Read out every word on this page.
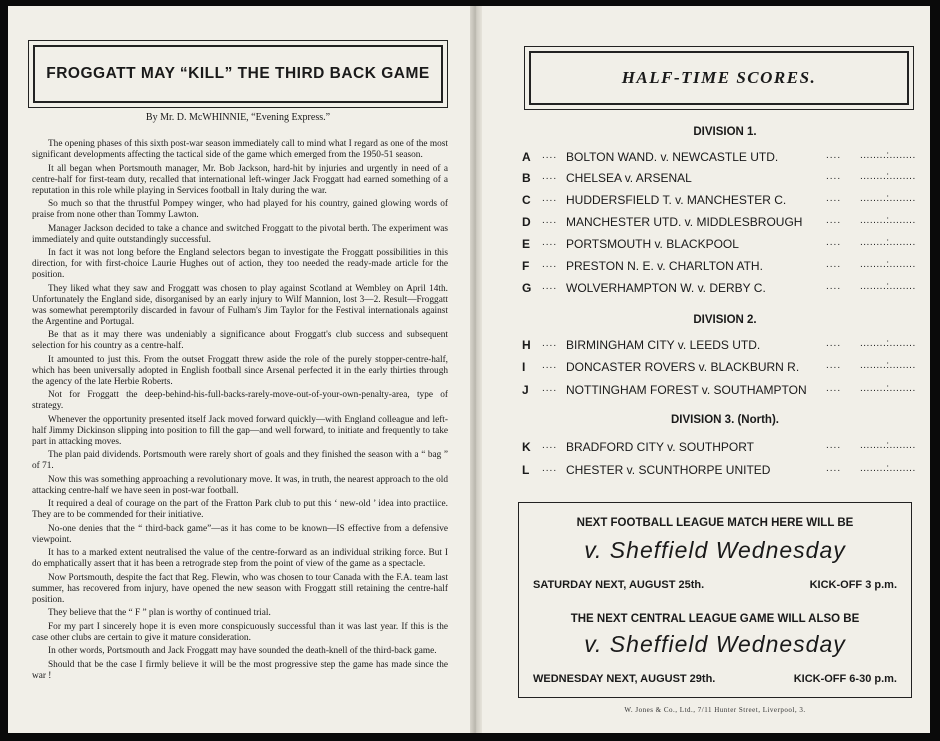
FROGGATT MAY “KILL” THE THIRD BACK GAME
By Mr. D. McWHINNIE, “Evening Express.”

The opening phases of this sixth post-war season immediately call to mind what I regard as one of the most significant developments affecting the tactical side of the game which emerged from the 1950-51 season.

It all began when Portsmouth manager, Mr. Bob Jackson, hard-hit by injuries and urgently in need of a centre-half for first-team duty, recalled that international left-winger Jack Froggatt had earned something of a reputation in this role while playing in Services football in Italy during the war.

So much so that the thrustful Pompey winger, who had played for his country, gained glowing words of praise from none other than Tommy Lawton.

Manager Jackson decided to take a chance and switched Froggatt to the pivotal berth. The experiment was immediately and quite outstandingly successful.

In fact it was not long before the England selectors began to investigate the Froggatt possibilities in this direction, for with first-choice Laurie Hughes out of action, they too needed the ready-made article for the position.

They liked what they saw and Froggatt was chosen to play against Scotland at Wembley on April 14th. Unfortunately the England side, disorganised by an early injury to Wilf Mannion, lost 3—2. Result—Froggatt was somewhat peremptorily discarded in favour of Fulham's Jim Taylor for the Festival internationals against the Argentine and Portugal.

Be that as it may there was undeniably a significance about Froggatt's club success and subsequent selection for his country as a centre-half.

It amounted to just this. From the outset Froggatt threw aside the role of the purely stopper-centre-half, which has been universally adopted in English football since Arsenal perfected it in the early thirties through the agency of the late Herbie Roberts.

Not for Froggatt the deep-behind-his-full-backs-rarely-move-out-of-your-own-penalty-area, type of strategy.

Whenever the opportunity presented itself Jack moved forward quickly—with England colleague and left-half Jimmy Dickinson slipping into position to fill the gap—and well forward, to initiate and frequently to take part in attacking moves.

The plan paid dividends. Portsmouth were rarely short of goals and they finished the season with a “ bag ” of 71.

Now this was something approaching a revolutionary move. It was, in truth, the nearest approach to the old attacking centre-half we have seen in post-war football.

It required a deal of courage on the part of the Fratton Park club to put this ‘ new-old ’ idea into practiice. They are to be commended for their initiative.

No-one denies that the “ third-back game”—as it has come to be known—IS effective from a defensive viewpoint.

It has to a marked extent neutralised the value of the centre-forward as an individual striking force. But I do emphatically assert that it has been a retrograde step from the point of view of the game as a spectacle.

Now Portsmouth, despite the fact that Reg. Flewin, who was chosen to tour Canada with the F.A. team last summer, has recovered from injury, have opened the new season with Froggatt still retaining the centre-half position.

They believe that the “ F ” plan is worthy of continued trial.

For my part I sincerely hope it is even more conspicuously successful than it was last year. If this is the case other clubs are certain to give it mature consideration.

In other words, Portsmouth and Jack Froggatt may have sounded the death-knell of the third-back game.

Should that be the case I firmly believe it will be the most progressive step the game has made since the war !

HALF-TIME SCORES.
DIVISION 1.
A	.... BOLTON WAND. v. NEWCASTLE UTD.	.... ........:........
B	.... CHELSEA v. ARSENAL	.... ........:........
C	.... HUDDERSFIELD T. v. MANCHESTER C.	.... ........:........
D	.... MANCHESTER UTD. v. MIDDLESBROUGH .... ........:........
E	.... PORTSMOUTH v. BLACKPOOL	.... ........:........
F	.... PRESTON N. E. v. CHARLTON ATH.	.... ........:........
G	.... WOLVERHAMPTON W. v. DERBY C.	.... ........:........
DIVISION 2.
H	.... BIRMINGHAM CITY v. LEEDS UTD.	.... ........:........
I	.... DONCASTER ROVERS v. BLACKBURN R.	.... ........:........
J	.... NOTTINGHAM FOREST v. SOUTHAMPTON .... ........:........
DIVISION 3. (North).
K	.... BRADFORD CITY v. SOUTHPORT	.... ........:........
L	.... CHESTER v. SCUNTHORPE UNITED	.... ........:........
NEXT FOOTBALL LEAGUE MATCH HERE WILL BE
v. Sheffield Wednesday
SATURDAY NEXT, AUGUST 25th.	KICK-OFF 3 p.m.
THE NEXT CENTRAL LEAGUE GAME WILL ALSO BE
v. Sheffield Wednesday
WEDNESDAY NEXT, AUGUST 29th.	KICK-OFF 6-30 p.m.
W. Jones & Co., Ltd., 7/11 Hunter Street, Liverpool, 3.
